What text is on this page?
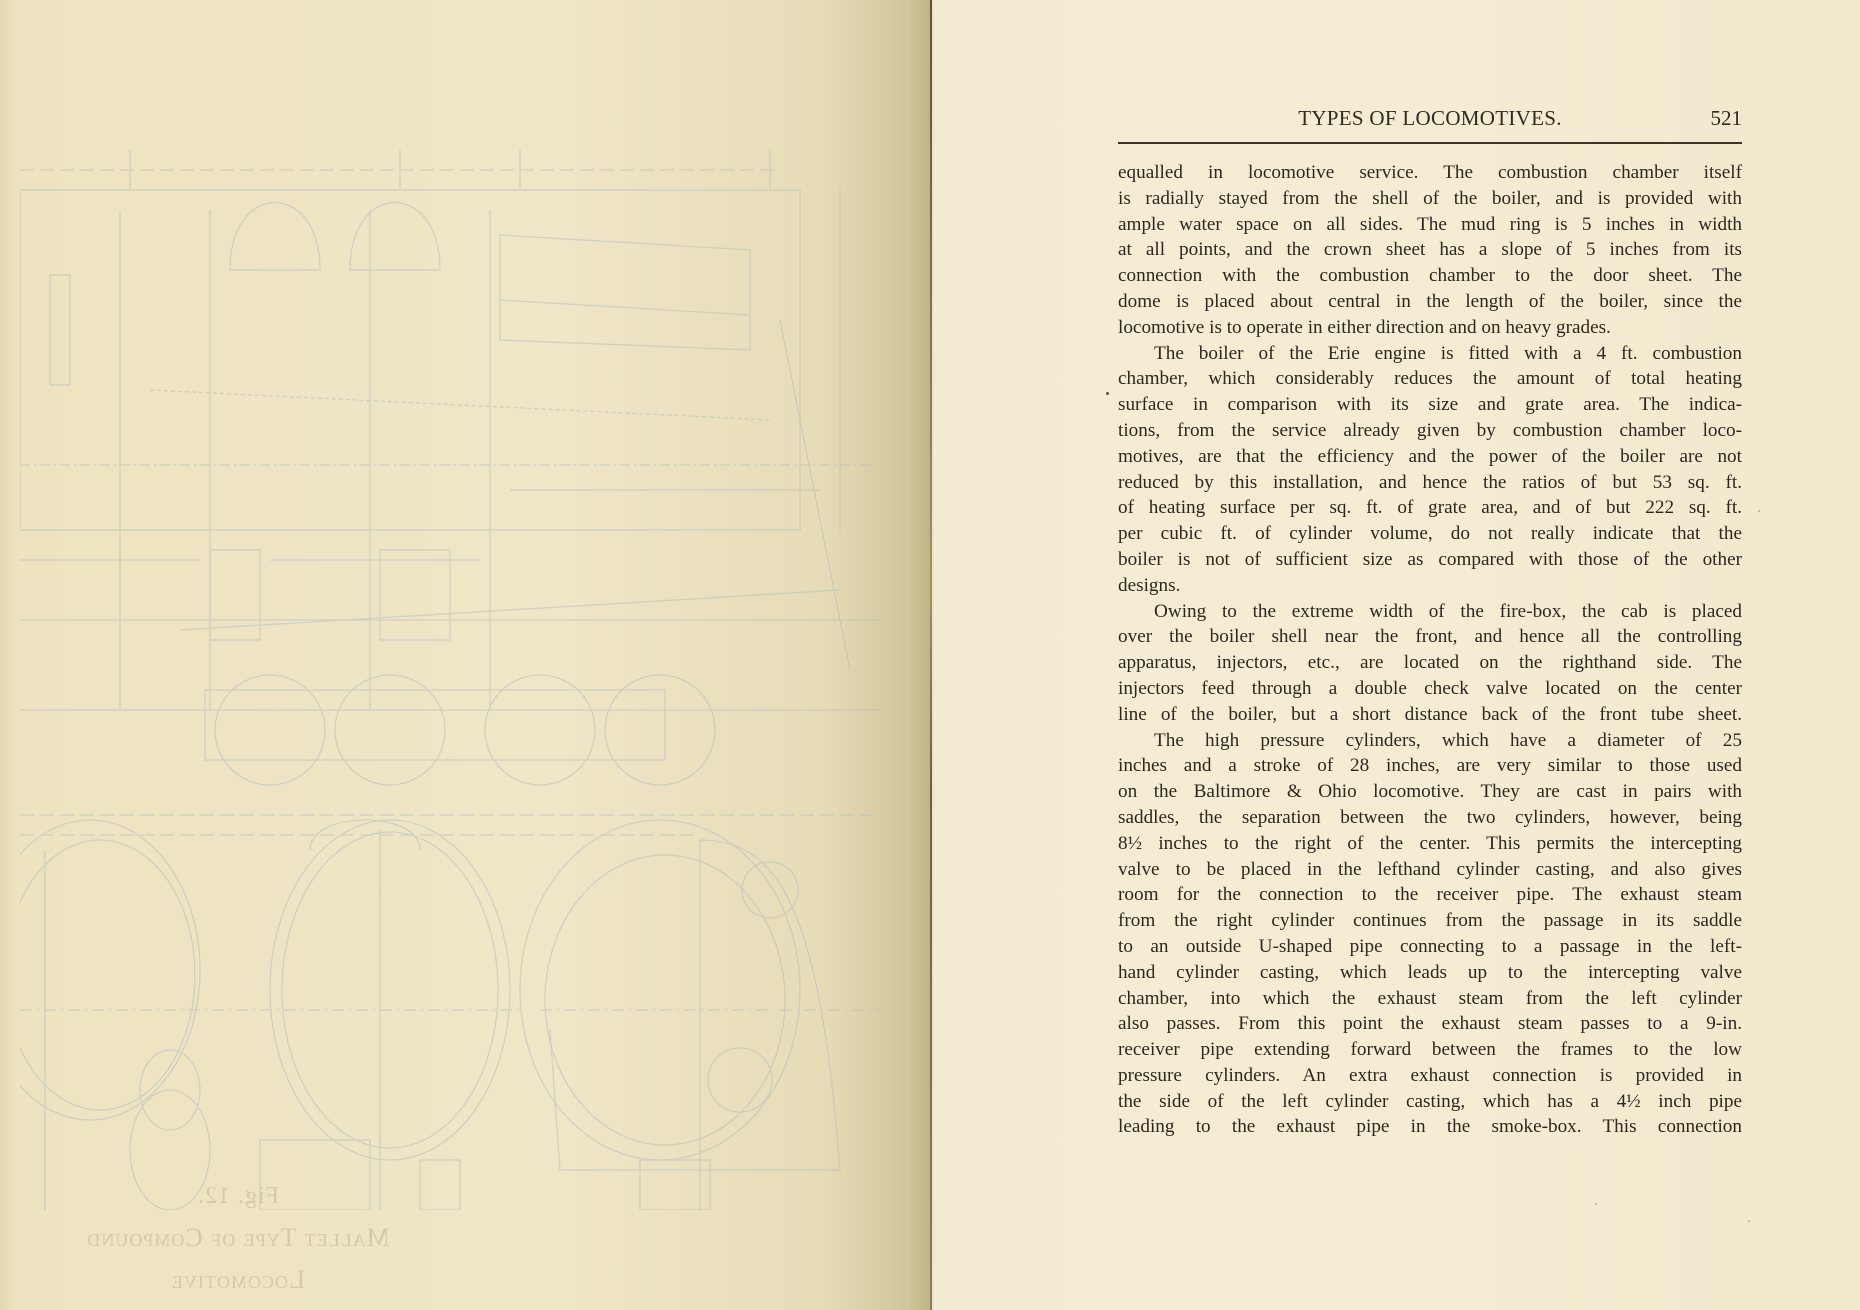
Fig. 12.
Mallet Type of Compound Locomotive
TYPES OF LOCOMOTIVES.	521
equalled in locomotive service. The combustion chamber itself
is radially stayed from the shell of the boiler, and is provided with
ample water space on all sides. The mud ring is 5 inches in width
at all points, and the crown sheet has a slope of 5 inches from its
connection with the combustion chamber to the door sheet. The
dome is placed about central in the length of the boiler, since the
locomotive is to operate in either direction and on heavy grades.
The boiler of the Erie engine is fitted with a 4 ft. combustion
chamber, which considerably reduces the amount of total heating
surface in comparison with its size and grate area. The indica-
tions, from the service already given by combustion chamber loco-
motives, are that the efficiency and the power of the boiler are not
reduced by this installation, and hence the ratios of but 53 sq. ft.
of heating surface per sq. ft. of grate area, and of but 222 sq. ft.
per cubic ft. of cylinder volume, do not really indicate that the
boiler is not of sufficient size as compared with those of the other
designs.
Owing to the extreme width of the fire-box, the cab is placed
over the boiler shell near the front, and hence all the controlling
apparatus, injectors, etc., are located on the righthand side. The
injectors feed through a double check valve located on the center
line of the boiler, but a short distance back of the front tube sheet.
The high pressure cylinders, which have a diameter of 25
inches and a stroke of 28 inches, are very similar to those used
on the Baltimore & Ohio locomotive. They are cast in pairs with
saddles, the separation between the two cylinders, however, being
8½ inches to the right of the center. This permits the intercepting
valve to be placed in the lefthand cylinder casting, and also gives
room for the connection to the receiver pipe. The exhaust steam
from the right cylinder continues from the passage in its saddle
to an outside U-shaped pipe connecting to a passage in the left-
hand cylinder casting, which leads up to the intercepting valve
chamber, into which the exhaust steam from the left cylinder
also passes. From this point the exhaust steam passes to a 9-in.
receiver pipe extending forward between the frames to the low
pressure cylinders. An extra exhaust connection is provided in
the side of the left cylinder casting, which has a 4½ inch pipe
leading to the exhaust pipe in the smoke-box. This connection
